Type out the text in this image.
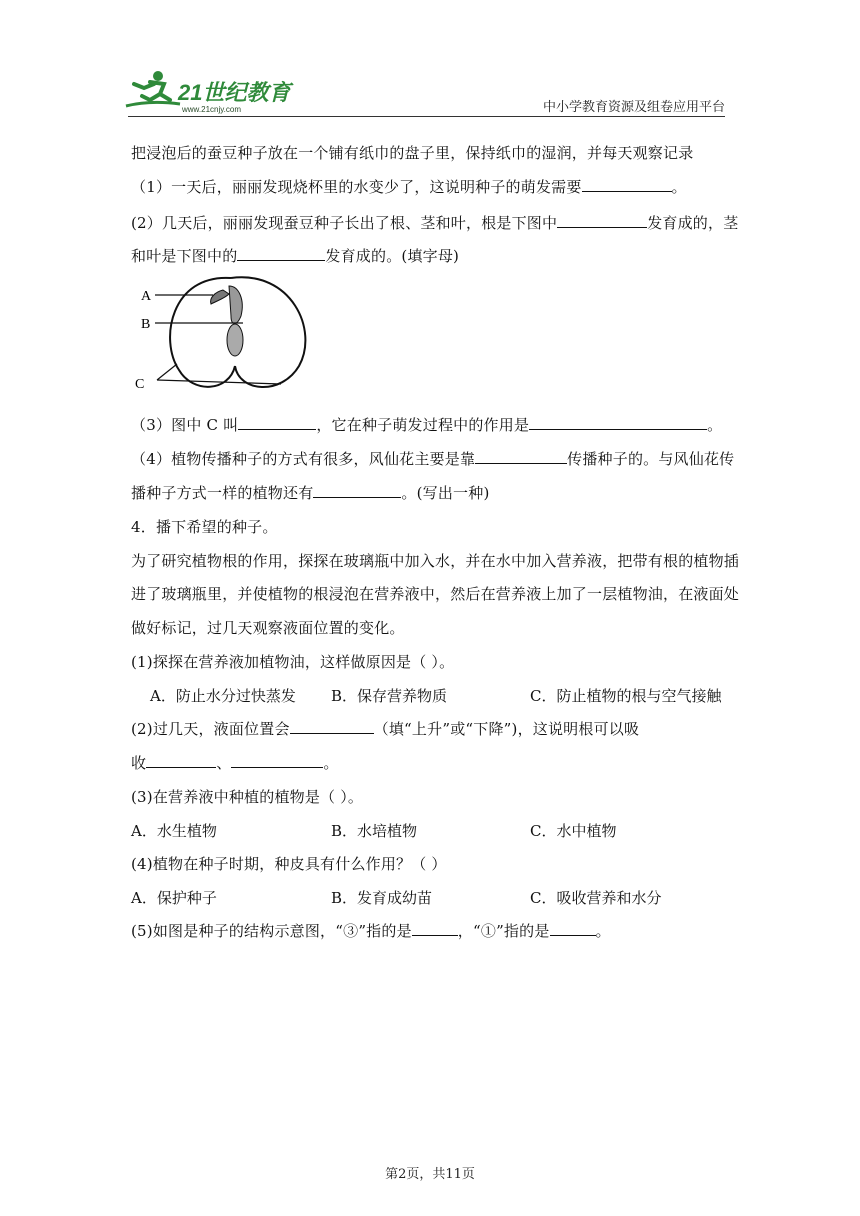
21世纪教育
www.21cnjy.com	中小学教育资源及组卷应用平台
把浸泡后的蚕豆种子放在一个铺有纸巾的盘子里，保持纸巾的湿润，并每天观察记录
（1）一天后，丽丽发现烧杯里的水变少了，这说明种子的萌发需要	。
(2）几天后，丽丽发现蚕豆种子长出了根、茎和叶，根是下图中	发育成的，茎
和叶是下图中的	发育成的。(填字母)
A
B
C
（3）图中 C 叫	，它在种子萌发过程中的作用是	。
（4）植物传播种子的方式有很多，风仙花主要是靠	传播种子的。与风仙花传
播种子方式一样的植物还有	。(写出一种)
4．播下希望的种子。
为了研究植物根的作用，探探在玻璃瓶中加入水，并在水中加入营养液，把带有根的植物插
进了玻璃瓶里，并使植物的根浸泡在营养液中，然后在营养液上加了一层植物油，在液面处
做好标记，过几天观察液面位置的变化。
(1)探探在营养液加植物油，这样做原因是（ ）。
A．防止水分过快蒸发 B．保存营养物质	C．防止植物的根与空气接触
(2)过几天，液面位置会	（填“上升”或“下降”)，这说明根可以吸
收	、	。
(3)在营养液中种植的植物是（ ）。
A．水生植物	B．水培植物	C．水中植物
(4)植物在种子时期，种皮具有什么作用？（ ）
A．保护种子	B．发育成幼苗	C．吸收营养和水分
(5)如图是种子的结构示意图，“③”指的是	，“①”指的是	。
第2页，共11页
